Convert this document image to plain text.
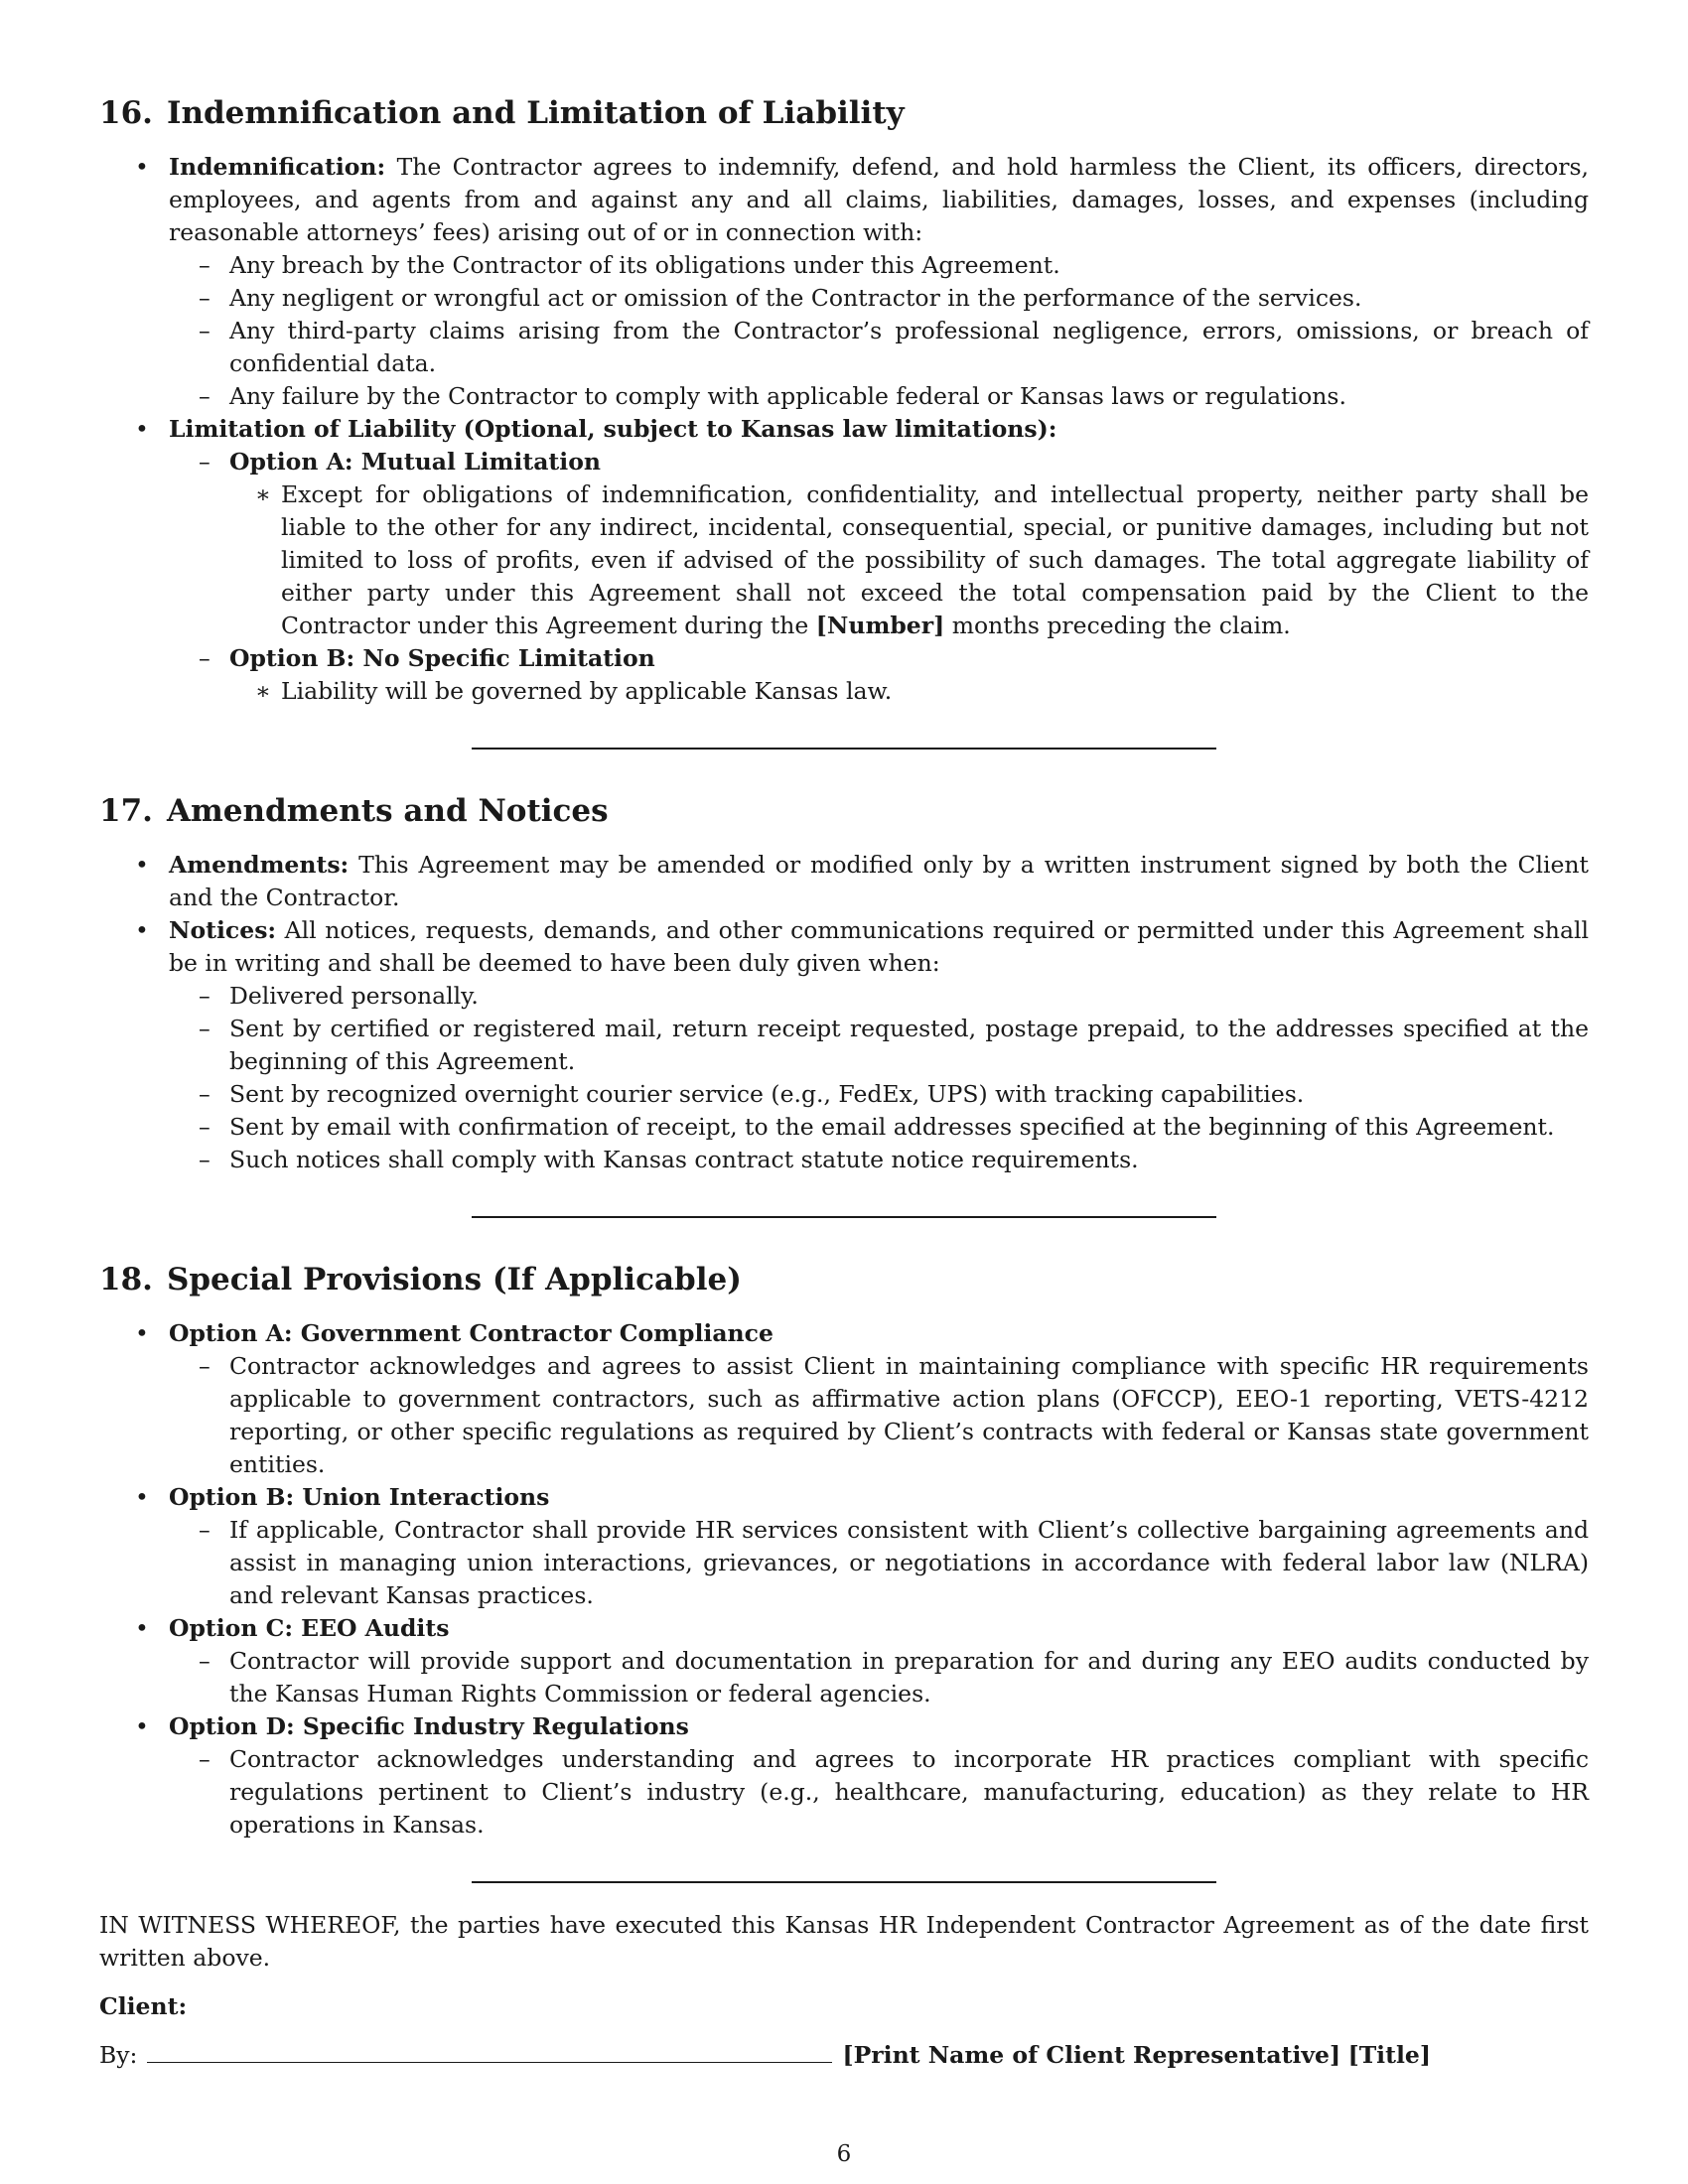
16. Indemnification and Limitation of Liability
• Indemnification: The Contractor agrees to indemnify, defend, and hold harmless the Client, its officers, directors, employees, and agents from and against any and all claims, liabilities, damages, losses, and expenses (including reasonable attorneys’ fees) arising out of or in connection with:
– Any breach by the Contractor of its obligations under this Agreement.
– Any negligent or wrongful act or omission of the Contractor in the performance of the services.
– Any third-party claims arising from the Contractor’s professional negligence, errors, omissions, or breach of confidential data.
– Any failure by the Contractor to comply with applicable federal or Kansas laws or regulations.
• Limitation of Liability (Optional, subject to Kansas law limitations):
– Option A: Mutual Limitation
∗ Except for obligations of indemnification, confidentiality, and intellectual property, neither party shall be liable to the other for any indirect, incidental, consequential, special, or punitive damages, including but not limited to loss of profits, even if advised of the possibility of such damages. The total aggregate liability of either party under this Agreement shall not exceed the total compensation paid by the Client to the Contractor under this Agreement during the [Number] months preceding the claim.
– Option B: No Specific Limitation
∗ Liability will be governed by applicable Kansas law.
17. Amendments and Notices
• Amendments: This Agreement may be amended or modified only by a written instrument signed by both the Client and the Contractor.
• Notices: All notices, requests, demands, and other communications required or permitted under this Agreement shall be in writing and shall be deemed to have been duly given when:
– Delivered personally.
– Sent by certified or registered mail, return receipt requested, postage prepaid, to the addresses specified at the beginning of this Agreement.
– Sent by recognized overnight courier service (e.g., FedEx, UPS) with tracking capabilities.
– Sent by email with confirmation of receipt, to the email addresses specified at the beginning of this Agreement.
– Such notices shall comply with Kansas contract statute notice requirements.
18. Special Provisions (If Applicable)
• Option A: Government Contractor Compliance
– Contractor acknowledges and agrees to assist Client in maintaining compliance with specific HR requirements applicable to government contractors, such as affirmative action plans (OFCCP), EEO-1 reporting, VETS-4212 reporting, or other specific regulations as required by Client’s contracts with federal or Kansas state government entities.
• Option B: Union Interactions
– If applicable, Contractor shall provide HR services consistent with Client’s collective bargaining agreements and assist in managing union interactions, grievances, or negotiations in accordance with federal labor law (NLRA) and relevant Kansas practices.
• Option C: EEO Audits
– Contractor will provide support and documentation in preparation for and during any EEO audits conducted by the Kansas Human Rights Commission or federal agencies.
• Option D: Specific Industry Regulations
– Contractor acknowledges understanding and agrees to incorporate HR practices compliant with specific regulations pertinent to Client’s industry (e.g., healthcare, manufacturing, education) as they relate to HR operations in Kansas.
IN WITNESS WHEREOF, the parties have executed this Kansas HR Independent Contractor Agreement as of the date first written above.
Client:
By:	[Print Name of Client Representative] [Title]
6
